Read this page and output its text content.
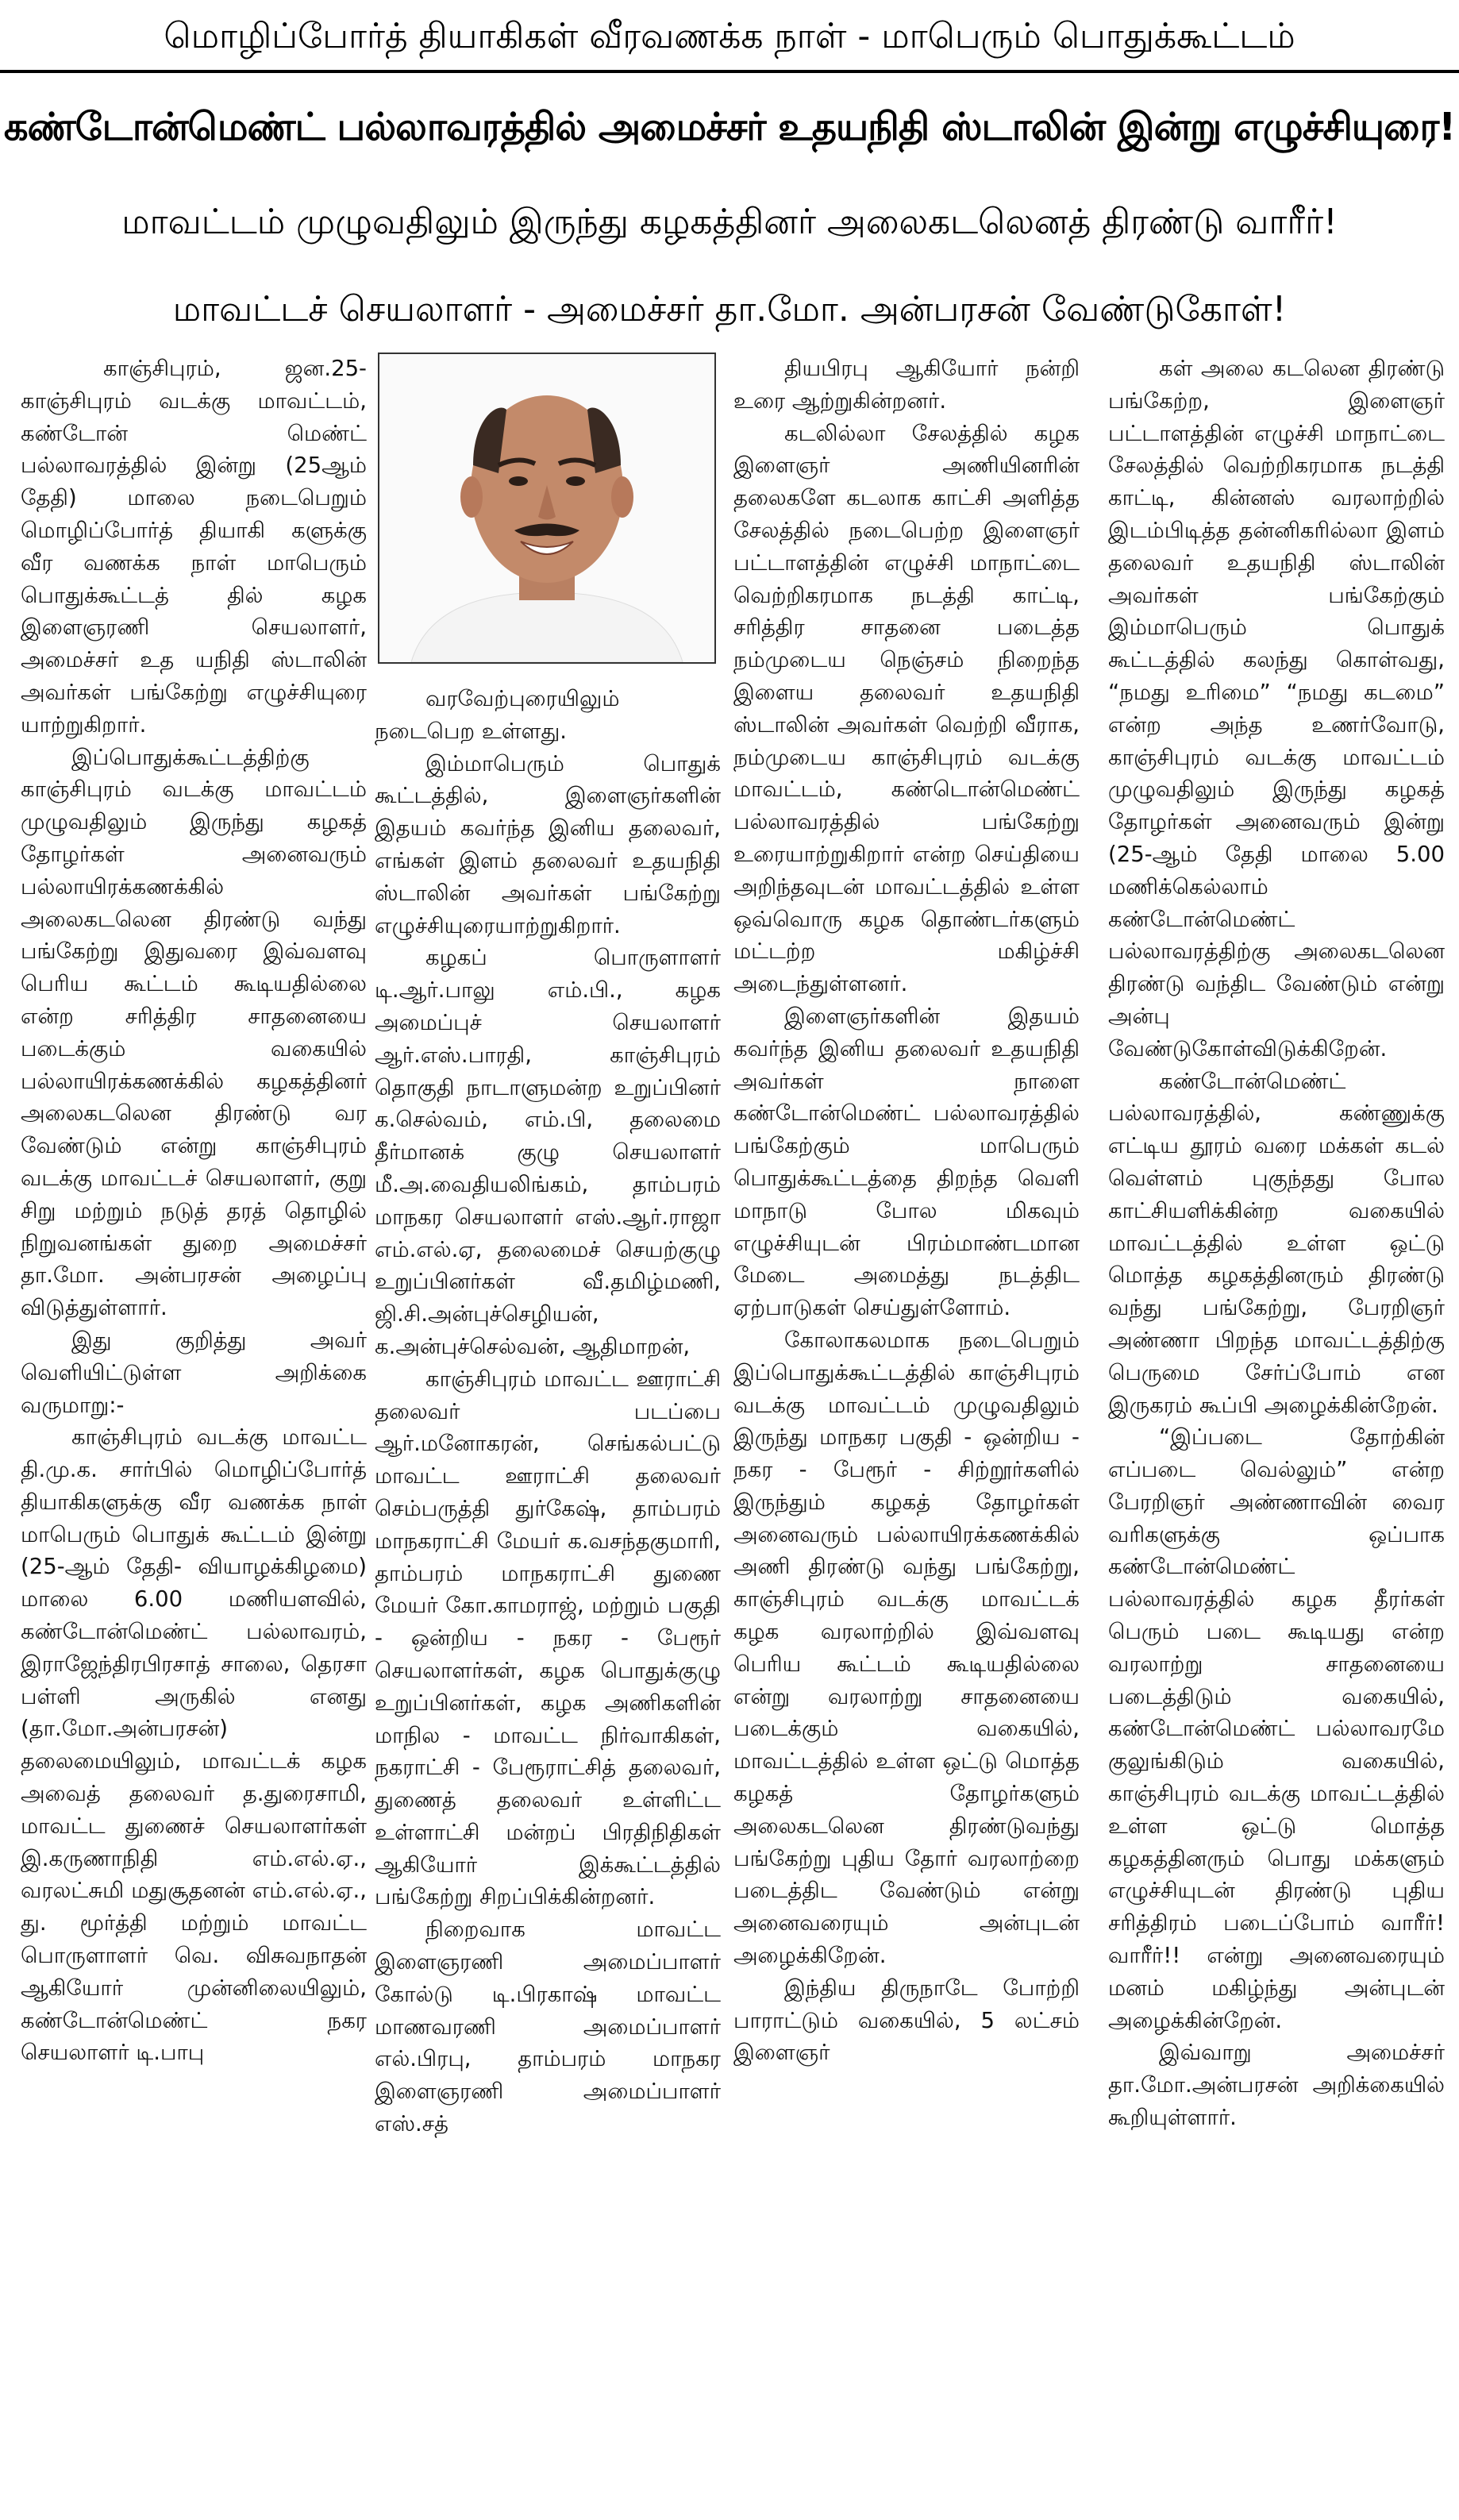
மொழிப்போர்த் தியாகிகள் வீரவணக்க நாள் - மாபெரும் பொதுக்கூட்டம்
கண்டோன்மெண்ட் பல்லாவரத்தில் அமைச்சர் உதயநிதி ஸ்டாலின் இன்று எழுச்சியுரை!
மாவட்டம் முழுவதிலும் இருந்து கழகத்தினர் அலைகடலெனத் திரண்டு வாரீர்!
மாவட்டச் செயலாளர் - அமைச்சர் தா.மோ. அன்பரசன் வேண்டுகோள்!

காஞ்சிபுரம், ஜன.25- காஞ்சிபுரம் வடக்கு மாவட்டம், கண்டோன் மெண்ட் பல்லாவரத்தில் இன்று (25ஆம் தேதி) மாலை நடைபெறும் மொழிப்போர்த் தியாகி களுக்கு வீர வணக்க நாள் மாபெரும் பொதுக்கூட்டத் தில் கழக இளைஞரணி செயலாளர், அமைச்சர் உத யநிதி ஸ்டாலின் அவர்கள் பங்கேற்று எழுச்சியுரை யாற்றுகிறார்.

இப்பொதுக்கூட்டத்திற்கு காஞ்சிபுரம் வடக்கு மாவட்டம் முழுவதிலும் இருந்து கழகத் தோழர்கள் அனைவரும் பல்லாயிரக்கணக்கில் அலைகடலென திரண்டு வந்து பங்கேற்று இதுவரை இவ்வளவு பெரிய கூட்டம் கூடியதில்லை என்ற சரித்திர சாதனையை படைக்கும் வகையில் பல்லாயிரக்கணக்கில் கழகத்தினர் அலைகடலென திரண்டு வர வேண்டும் என்று காஞ்சிபுரம் வடக்கு மாவட்டச் செயலாளர், குறு சிறு மற்றும் நடுத் தரத் தொழில் நிறுவனங்கள் துறை அமைச்சர் தா.மோ. அன்பரசன் அழைப்பு விடுத்துள்ளார்.

இது குறித்து அவர் வெளியிட்டுள்ள அறிக்கை வருமாறு:-

காஞ்சிபுரம் வடக்கு மாவட்ட தி.மு.க. சார்பில் மொழிப்போர்த் தியாகிகளுக்கு வீர வணக்க நாள் மாபெரும் பொதுக் கூட்டம் இன்று (25-ஆம் தேதி- வியாழக்கிழமை) மாலை 6.00 மணியளவில், கண்டோன்மெண்ட் பல்லாவரம், இராஜேந்திரபிரசாத் சாலை, தெரசா பள்ளி அருகில் எனது (தா.மோ.அன்பரசன்) தலைமையிலும், மாவட்டக் கழக அவைத் தலைவர் த.துரைசாமி, மாவட்ட துணைச் செயலாளர்கள் இ.கருணாநிதி எம்.எல்.ஏ., வரலட்சுமி மதுசூதனன் எம்.எல்.ஏ., து. மூர்த்தி மற்றும் மாவட்ட பொருளாளர் வெ. விசுவநாதன் ஆகியோர் முன்னிலையிலும், கண்டோன்மெண்ட் நகர செயலாளர் டி.பாபு

வரவேற்புரையிலும் நடைபெற உள்ளது.

இம்மாபெரும் பொதுக் கூட்டத்தில், இளைஞர்களின் இதயம் கவர்ந்த இனிய தலைவர், எங்கள் இளம் தலைவர் உதயநிதி ஸ்டாலின் அவர்கள் பங்கேற்று எழுச்சியுரையாற்றுகிறார்.

கழகப் பொருளாளர் டி.ஆர்.பாலு எம்.பி., கழக அமைப்புச் செயலாளர் ஆர்.எஸ்.பாரதி, காஞ்சிபுரம் தொகுதி நாடாளுமன்ற உறுப்பினர் க.செல்வம், எம்.பி, தலைமை தீர்மானக் குழு செயலாளர் மீ.அ.வைதியலிங்கம், தாம்பரம் மாநகர செயலாளர் எஸ்.ஆர்.ராஜா எம்.எல்.ஏ, தலைமைச் செயற்குழு உறுப்பினர்கள் வீ.தமிழ்மணி, ஜி.சி.அன்புச்செழியன், க.அன்புச்செல்வன், ஆதிமாறன்,

காஞ்சிபுரம் மாவட்ட ஊராட்சி தலைவர் படப்பை ஆர்.மனோகரன், செங்கல்பட்டு மாவட்ட ஊராட்சி தலைவர் செம்பருத்தி துர்கேஷ், தாம்பரம் மாநகராட்சி மேயர் க.வசந்தகுமாரி, தாம்பரம் மாநகராட்சி துணை மேயர் கோ.காமராஜ், மற்றும் பகுதி - ஒன்றிய - நகர - பேரூர் செயலாளர்கள், கழக பொதுக்குழு உறுப்பினர்கள், கழக அணிகளின் மாநில - மாவட்ட நிர்வாகிகள், நகராட்சி - பேரூராட்சித் தலைவர், துணைத் தலைவர் உள்ளிட்ட உள்ளாட்சி மன்றப் பிரதிநிதிகள் ஆகியோர் இக்கூட்டத்தில் பங்கேற்று சிறப்பிக்கின்றனர்.

நிறைவாக மாவட்ட இளைஞரணி அமைப்பாளர் கோல்டு டி.பிரகாஷ் மாவட்ட மாணவரணி அமைப்பாளர் எல்.பிரபு, தாம்பரம் மாநகர இளைஞரணி அமைப்பாளர் எஸ்.சத்

தியபிரபு ஆகியோர் நன்றி உரை ஆற்றுகின்றனர்.

கடலில்லா சேலத்தில் கழக இளைஞர் அணியினரின் தலைகளே கடலாக காட்சி அளித்த சேலத்தில் நடைபெற்ற இளைஞர் பட்டாளத்தின் எழுச்சி மாநாட்டை வெற்றிகரமாக நடத்தி காட்டி, சரித்திர சாதனை படைத்த நம்முடைய நெஞ்சம் நிறைந்த இளைய தலைவர் உதயநிதி ஸ்டாலின் அவர்கள் வெற்றி வீராக, நம்முடைய காஞ்சிபுரம் வடக்கு மாவட்டம், கண்டொன்மெண்ட் பல்லாவரத்தில் பங்கேற்று உரையாற்றுகிறார் என்ற செய்தியை அறிந்தவுடன் மாவட்டத்தில் உள்ள ஒவ்வொரு கழக தொண்டர்களும் மட்டற்ற மகிழ்ச்சி அடைந்துள்ளனர்.

இளைஞர்களின் இதயம் கவர்ந்த இனிய தலைவர் உதயநிதி அவர்கள் நாளை கண்டோன்மெண்ட் பல்லாவரத்தில் பங்கேற்கும் மாபெரும் பொதுக்கூட்டத்தை திறந்த வெளி மாநாடு போல மிகவும் எழுச்சியுடன் பிரம்மாண்டமான மேடை அமைத்து நடத்திட ஏற்பாடுகள் செய்துள்ளோம்.

கோலாகலமாக நடைபெறும் இப்பொதுக்கூட்டத்தில் காஞ்சிபுரம் வடக்கு மாவட்டம் முழுவதிலும் இருந்து மாநகர பகுதி - ஒன்றிய - நகர - பேரூர் - சிற்றூர்களில் இருந்தும் கழகத் தோழர்கள் அனைவரும் பல்லாயிரக்கணக்கில் அணி திரண்டு வந்து பங்கேற்று, காஞ்சிபுரம் வடக்கு மாவட்டக் கழக வரலாற்றில் இவ்வளவு பெரிய கூட்டம் கூடியதில்லை என்று வரலாற்று சாதனையை படைக்கும் வகையில், மாவட்டத்தில் உள்ள ஒட்டு மொத்த கழகத் தோழர்களும் அலைகடலென திரண்டுவந்து பங்கேற்று புதிய தோர் வரலாற்றை படைத்திட வேண்டும் என்று அனைவரையும் அன்புடன் அழைக்கிறேன்.

இந்திய திருநாடே போற்றி பாராட்டும் வகையில், 5 லட்சம் இளைஞர்

கள் அலை கடலென திரண்டு பங்கேற்ற, இளைஞர் பட்டாளத்தின் எழுச்சி மாநாட்டை சேலத்தில் வெற்றிகரமாக நடத்தி காட்டி, கின்னஸ் வரலாற்றில் இடம்பிடித்த தன்னிகரில்லா இளம் தலைவர் உதயநிதி ஸ்டாலின் அவர்கள் பங்கேற்கும் இம்மாபெரும் பொதுக் கூட்டத்தில் கலந்து கொள்வது, “நமது உரிமை” “நமது கடமை” என்ற அந்த உணர்வோடு, காஞ்சிபுரம் வடக்கு மாவட்டம் முழுவதிலும் இருந்து கழகத் தோழர்கள் அனைவரும் இன்று (25-ஆம் தேதி மாலை 5.00 மணிக்கெல்லாம் கண்டோன்மெண்ட் பல்லாவரத்திற்கு அலைகடலென திரண்டு வந்திட வேண்டும் என்று அன்பு வேண்டுகோள்விடுக்கிறேன்.

கண்டோன்மெண்ட் பல்லாவரத்தில், கண்ணுக்கு எட்டிய தூரம் வரை மக்கள் கடல் வெள்ளம் புகுந்தது போல காட்சியளிக்கின்ற வகையில் மாவட்டத்தில் உள்ள ஒட்டு மொத்த கழகத்தினரும் திரண்டு வந்து பங்கேற்று, பேரறிஞர் அண்ணா பிறந்த மாவட்டத்திற்கு பெருமை சேர்ப்போம் என இருகரம் கூப்பி அழைக்கின்றேன்.

“இப்படை தோற்கின் எப்படை வெல்லும்” என்ற பேரறிஞர் அண்ணாவின் வைர வரிகளுக்கு ஒப்பாக கண்டோன்மெண்ட் பல்லாவரத்தில் கழக தீரர்கள் பெரும் படை கூடியது என்ற வரலாற்று சாதனையை படைத்திடும் வகையில், கண்டோன்மெண்ட் பல்லாவரமே குலுங்கிடும் வகையில், காஞ்சிபுரம் வடக்கு மாவட்டத்தில் உள்ள ஒட்டு மொத்த கழகத்தினரும் பொது மக்களும் எழுச்சியுடன் திரண்டு புதிய சரித்திரம் படைப்போம் வாரீர்! வாரீர்!! என்று அனைவரையும் மனம் மகிழ்ந்து அன்புடன் அழைக்கின்றேன்.

இவ்வாறு அமைச்சர் தா.மோ.அன்பரசன் அறிக்கையில் கூறியுள்ளார்.
